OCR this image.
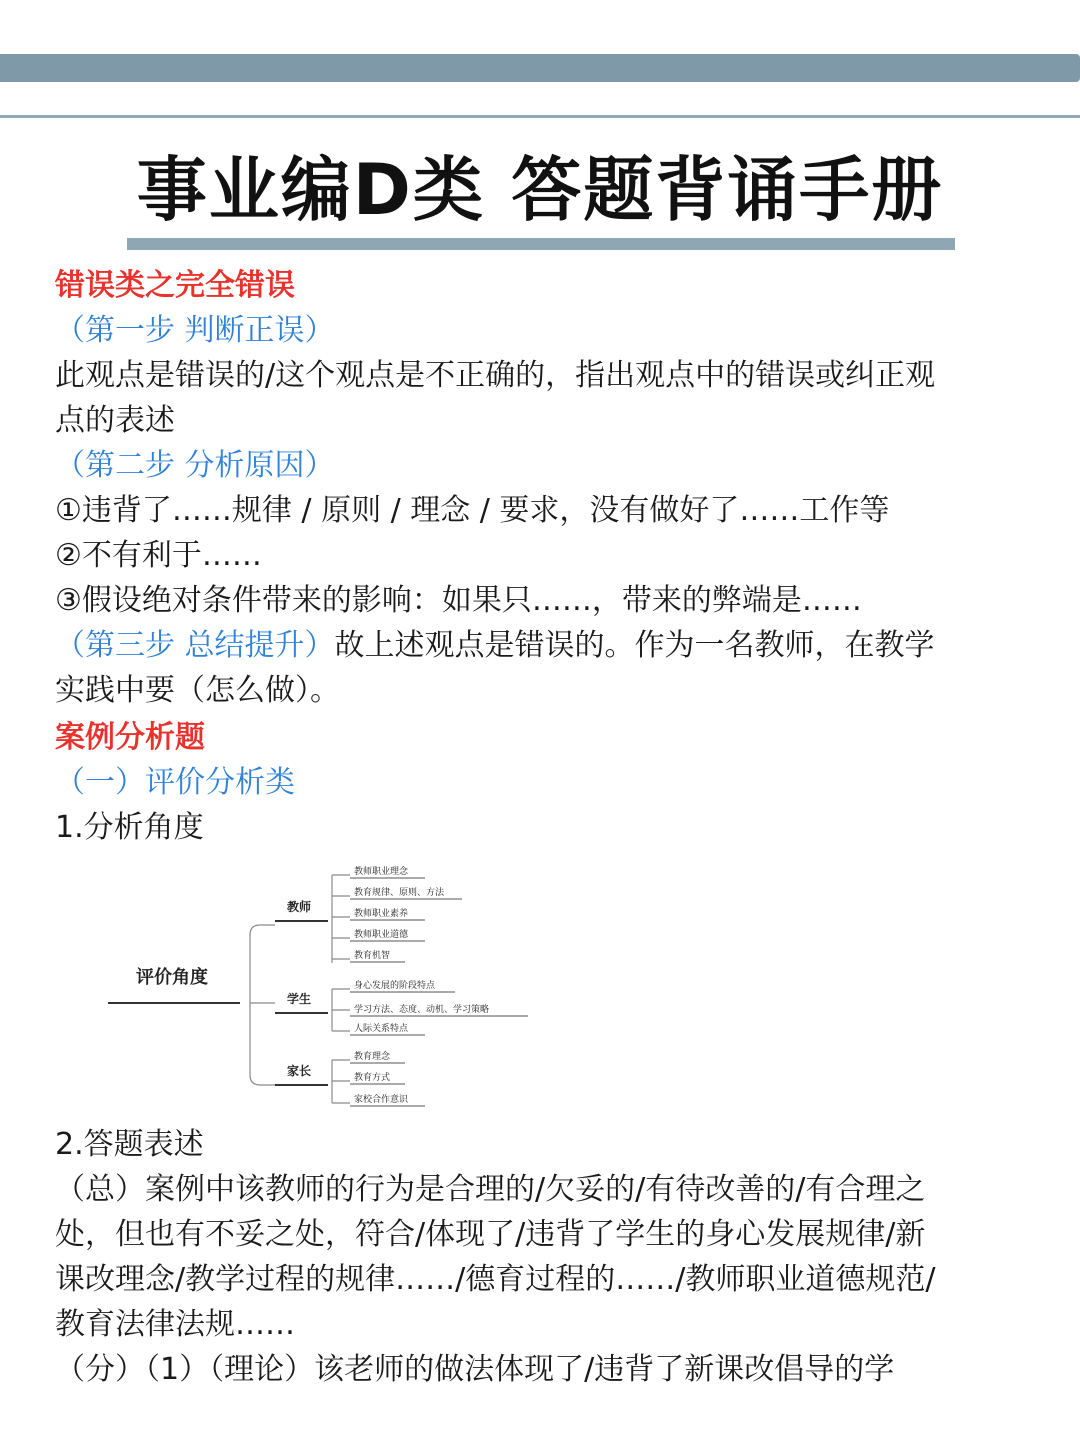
事业编D类 答题背诵手册

错误类之完全错误

（第一步 判断正误）

此观点是错误的/这个观点是不正确的，指出观点中的错误或纠正观

点的表述

（第二步 分析原因）

①违背了……规律 / 原则 / 理念 / 要求，没有做好了……工作等

②不有利于……

③假设绝对条件带来的影响：如果只……，带来的弊端是……

（第三步 总结提升）故上述观点是错误的。作为一名教师，在教学

实践中要（怎么做）。

案例分析题

（一）评价分析类

1.分析角度

评价角度
教师
学生
家长
教师职业理念
教育规律、原则、方法
教师职业素养
教师职业道德
教育机智
身心发展的阶段特点
学习方法、态度、动机、学习策略
人际关系特点
教育理念
教育方式
家校合作意识

2.答题表述

（总）案例中该教师的行为是合理的/欠妥的/有待改善的/有合理之

处，但也有不妥之处，符合/体现了/违背了学生的身心发展规律/新

课改理念/教学过程的规律……/德育过程的……/教师职业道德规范/

教育法律法规……

（分）（1）（理论）该老师的做法体现了/违背了新课改倡导的学
